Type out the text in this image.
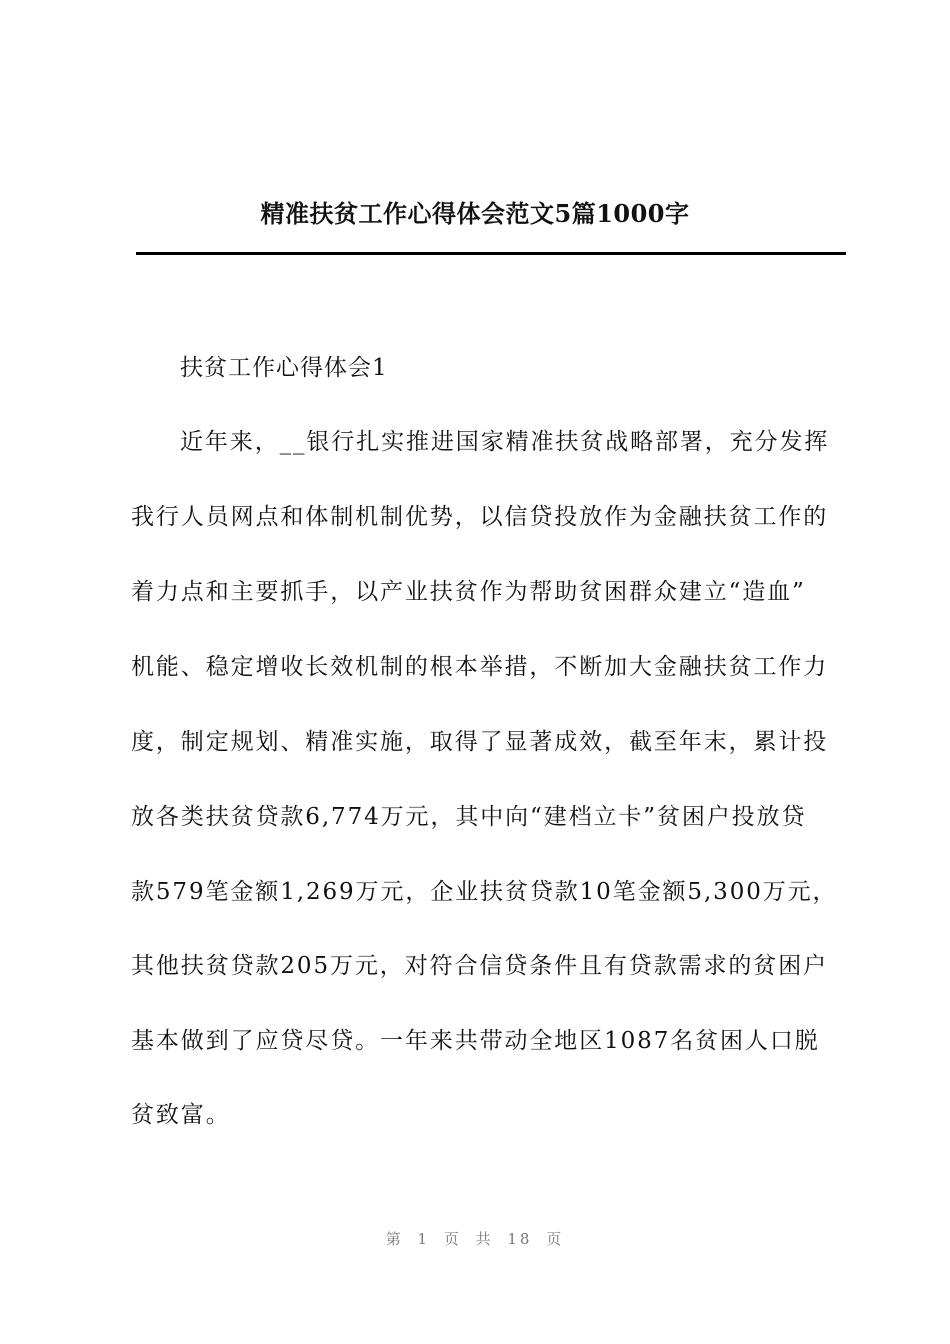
精准扶贫工作心得体会范文5篇1000字
扶贫工作心得体会1
近年来，__银行扎实推进国家精准扶贫战略部署，充分发挥
我行人员网点和体制机制优势，以信贷投放作为金融扶贫工作的
着力点和主要抓手，以产业扶贫作为帮助贫困群众建立“造血”
机能、稳定增收长效机制的根本举措，不断加大金融扶贫工作力
度，制定规划、精准实施，取得了显著成效，截至年末，累计投
放各类扶贫贷款6,774万元，其中向“建档立卡”贫困户投放贷
款579笔金额1,269万元，企业扶贫贷款10笔金额5,300万元，
其他扶贫贷款205万元，对符合信贷条件且有贷款需求的贫困户
基本做到了应贷尽贷。一年来共带动全地区1087名贫困人口脱
贫致富。
第 1 页 共 18 页
